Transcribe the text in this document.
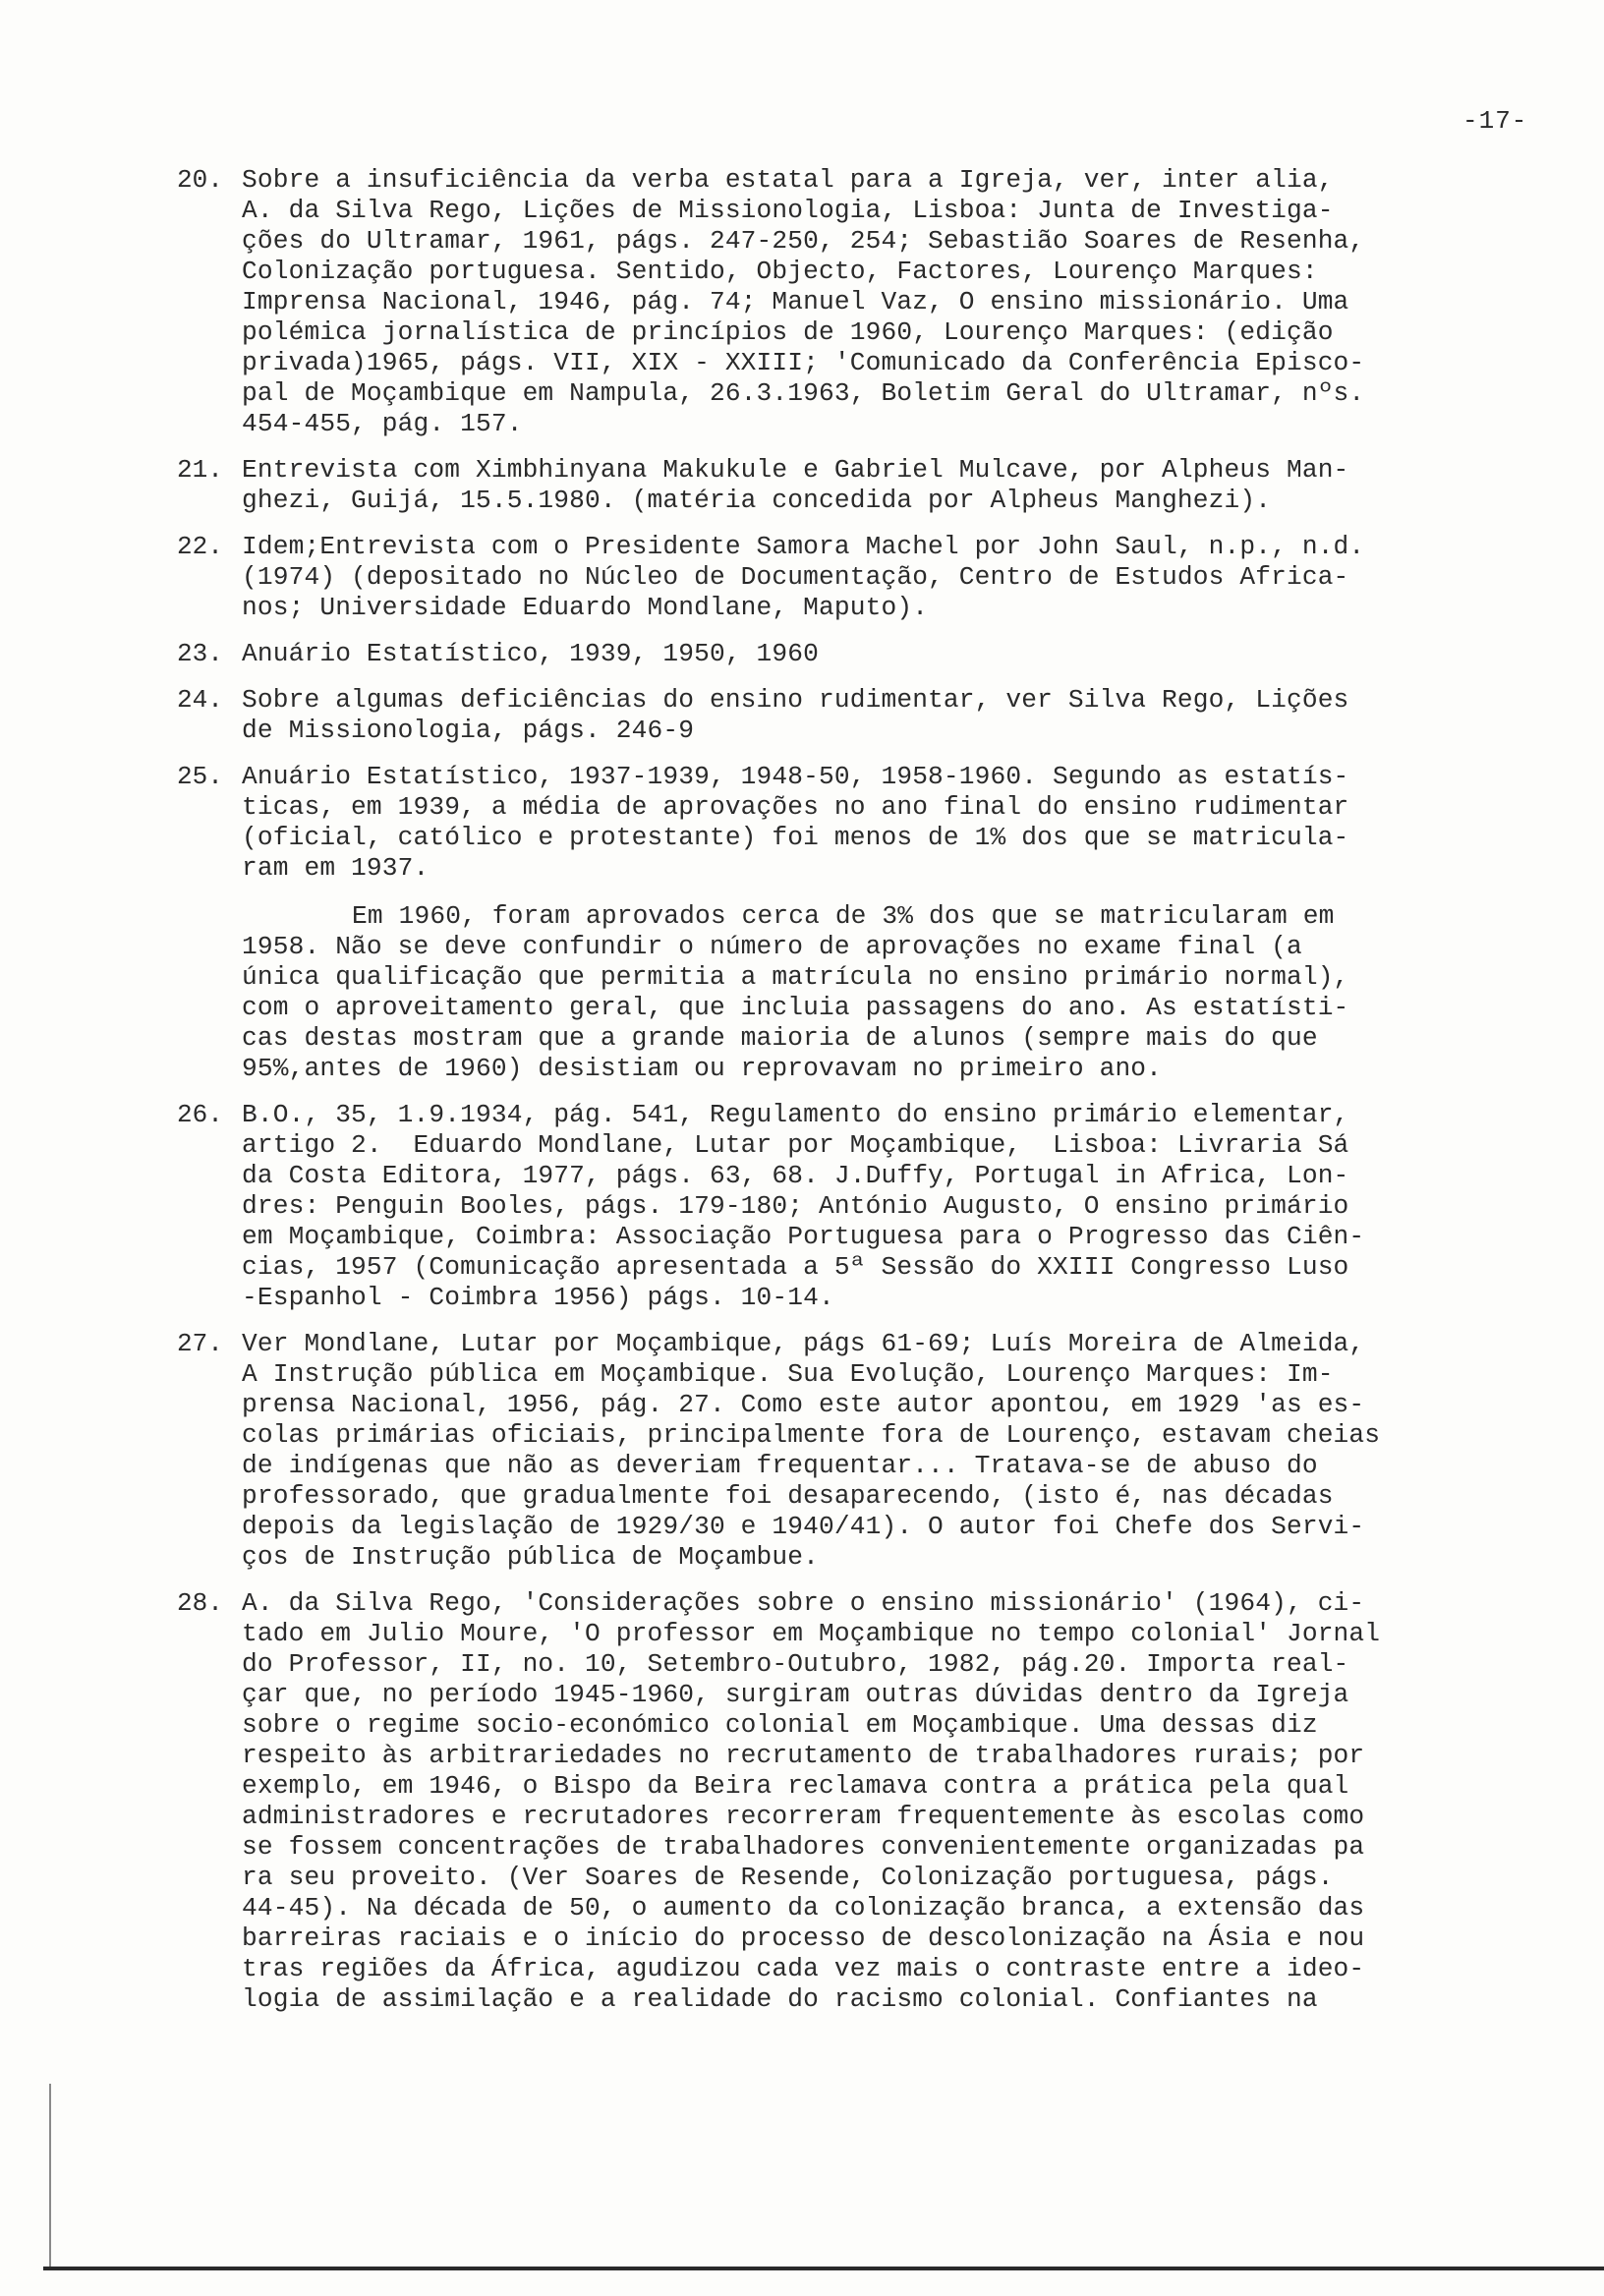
-17-
20. Sobre a insuficiência da verba estatal para a Igreja, ver, inter alia,
A. da Silva Rego, Lições de Missionologia, Lisboa: Junta de Investiga-
ções do Ultramar, 1961, págs. 247-250, 254; Sebastião Soares de Resenha,
Colonização portuguesa. Sentido, Objecto, Factores, Lourenço Marques:
Imprensa Nacional, 1946, pág. 74; Manuel Vaz, O ensino missionário. Uma
polémica jornalística de princípios de 1960, Lourenço Marques: (edição
privada)1965, págs. VII, XIX - XXIII; 'Comunicado da Conferência Episco-
pal de Moçambique em Nampula, 26.3.1963, Boletim Geral do Ultramar, nºs.
454-455, pág. 157.
21. Entrevista com Ximbhinyana Makukule e Gabriel Mulcave, por Alpheus Man-
ghezi, Guijá, 15.5.1980. (matéria concedida por Alpheus Manghezi).
22. Idem;Entrevista com o Presidente Samora Machel por John Saul, n.p., n.d.
(1974) (depositado no Núcleo de Documentação, Centro de Estudos Africa-
nos; Universidade Eduardo Mondlane, Maputo).
23. Anuário Estatístico, 1939, 1950, 1960
24. Sobre algumas deficiências do ensino rudimentar, ver Silva Rego, Lições
de Missionologia, págs. 246-9
25. Anuário Estatístico, 1937-1939, 1948-50, 1958-1960. Segundo as estatís-
ticas, em 1939, a média de aprovações no ano final do ensino rudimentar
(oficial, católico e protestante) foi menos de 1% dos que se matricula-
ram em 1937.
Em 1960, foram aprovados cerca de 3% dos que se matricularam em
1958. Não se deve confundir o número de aprovações no exame final (a
única qualificação que permitia a matrícula no ensino primário normal),
com o aproveitamento geral, que incluia passagens do ano. As estatísti-
cas destas mostram que a grande maioria de alunos (sempre mais do que
95%,antes de 1960) desistiam ou reprovavam no primeiro ano.
26. B.O., 35, 1.9.1934, pág. 541, Regulamento do ensino primário elementar,
artigo 2.  Eduardo Mondlane, Lutar por Moçambique,  Lisboa: Livraria Sá
da Costa Editora, 1977, págs. 63, 68. J.Duffy, Portugal in Africa, Lon-
dres: Penguin Booles, págs. 179-180; António Augusto, O ensino primário
em Moçambique, Coimbra: Associação Portuguesa para o Progresso das Ciên-
cias, 1957 (Comunicação apresentada a 5ª Sessão do XXIII Congresso Luso
-Espanhol - Coimbra 1956) págs. 10-14.
27. Ver Mondlane, Lutar por Moçambique, págs 61-69; Luís Moreira de Almeida,
A Instrução pública em Moçambique. Sua Evolução, Lourenço Marques: Im-
prensa Nacional, 1956, pág. 27. Como este autor apontou, em 1929 'as es-
colas primárias oficiais, principalmente fora de Lourenço, estavam cheias
de indígenas que não as deveriam frequentar... Tratava-se de abuso do
professorado, que gradualmente foi desaparecendo, (isto é, nas décadas
depois da legislação de 1929/30 e 1940/41). O autor foi Chefe dos Servi-
ços de Instrução pública de Moçambue.
28. A. da Silva Rego, 'Considerações sobre o ensino missionário' (1964), ci-
tado em Julio Moure, 'O professor em Moçambique no tempo colonial' Jornal
do Professor, II, no. 10, Setembro-Outubro, 1982, pág.20. Importa real-
çar que, no período 1945-1960, surgiram outras dúvidas dentro da Igreja
sobre o regime socio-económico colonial em Moçambique. Uma dessas diz
respeito às arbitrariedades no recrutamento de trabalhadores rurais; por
exemplo, em 1946, o Bispo da Beira reclamava contra a prática pela qual
administradores e recrutadores recorreram frequentemente às escolas como
se fossem concentrações de trabalhadores convenientemente organizadas pa
ra seu proveito. (Ver Soares de Resende, Colonização portuguesa, págs.
44-45). Na década de 50, o aumento da colonização branca, a extensão das
barreiras raciais e o início do processo de descolonização na Ásia e nou
tras regiões da África, agudizou cada vez mais o contraste entre a ideo-
logia de assimilação e a realidade do racismo colonial. Confiantes na
